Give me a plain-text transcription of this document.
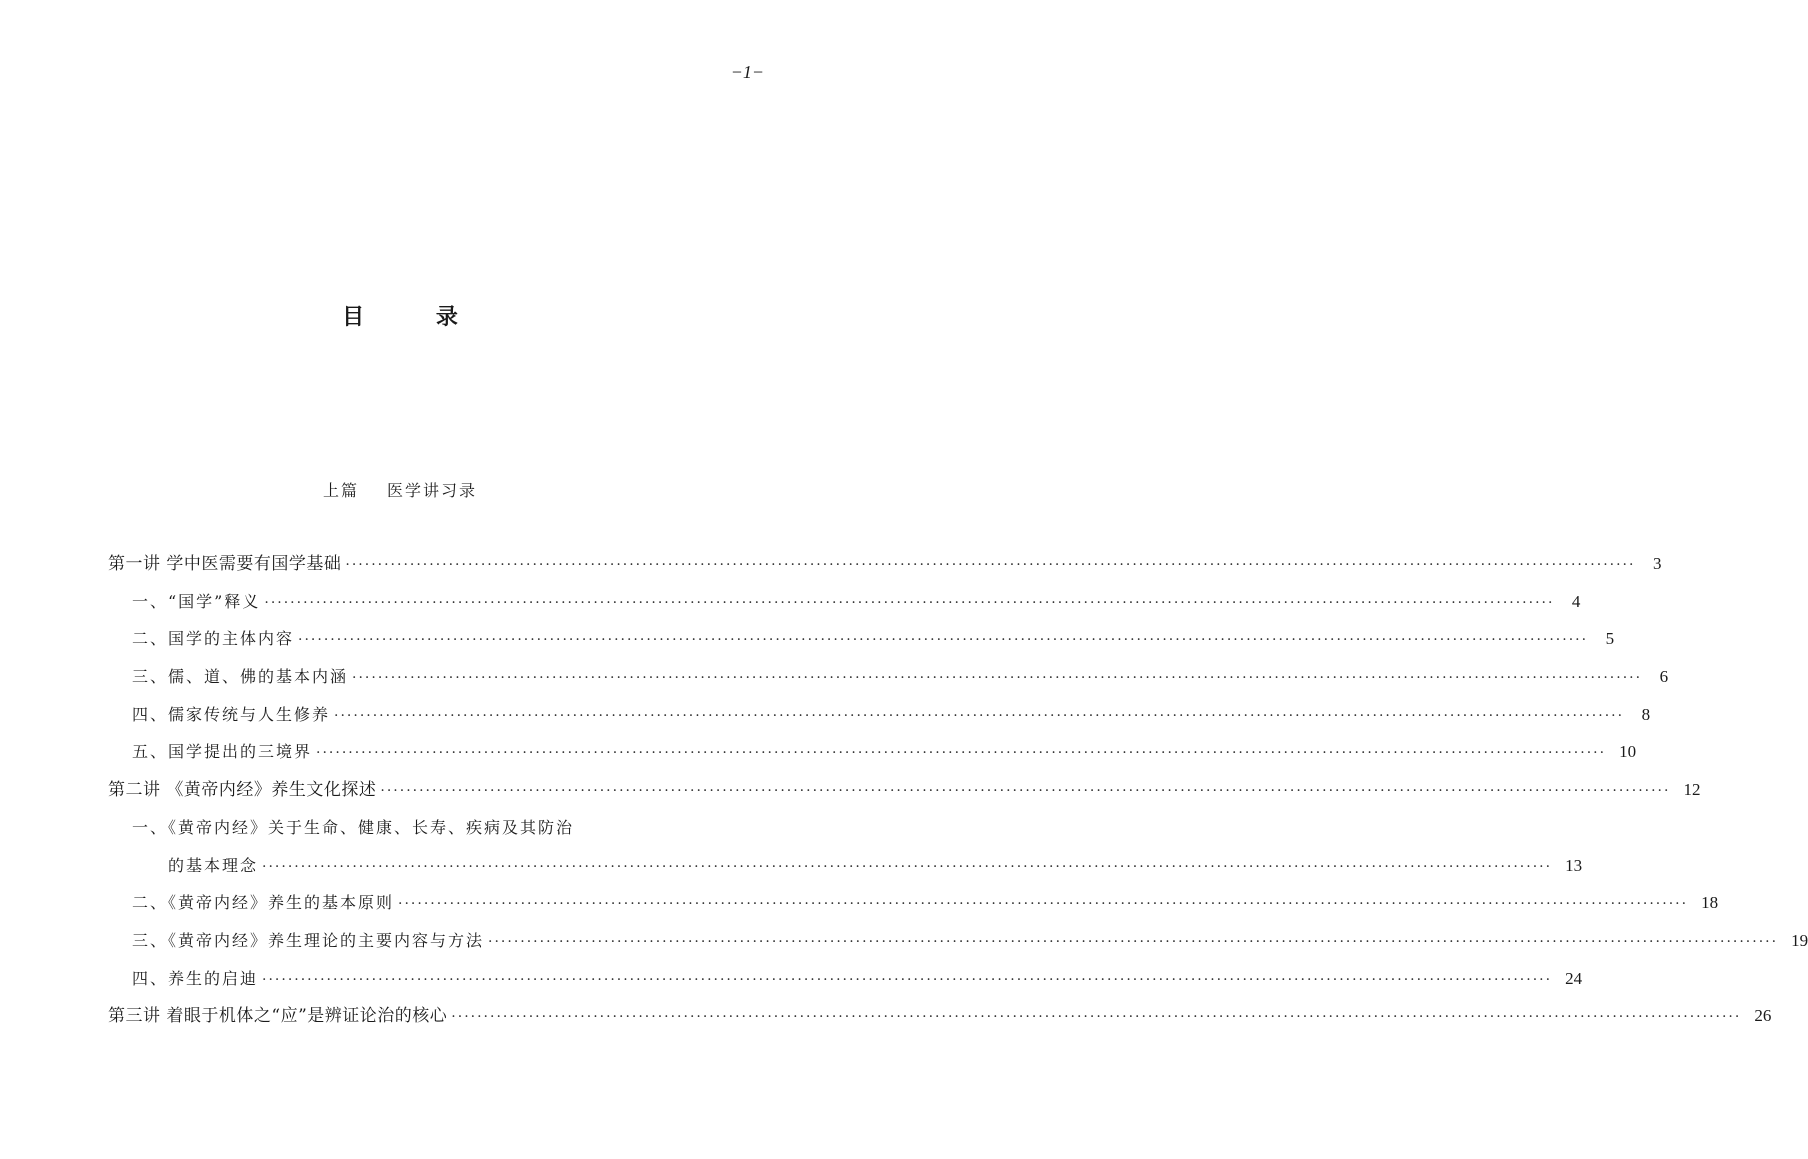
−1−
目 录
上篇 医学讲习录
第一讲 学中医需要有国学基础 ········································································································································································································	3
一、“国学”释义 ········································································································································································································	4
二、国学的主体内容 ········································································································································································································	5
三、儒、道、佛的基本内涵 ········································································································································································································	6
四、儒家传统与人生修养 ········································································································································································································	8
五、国学提出的三境界 ········································································································································································································ 10
第二讲 《黄帝内经》养生文化探述 ········································································································································································································ 12
一、《黄帝内经》关于生命、健康、长寿、疾病及其防治
的基本理念 ········································································································································································································ 13
二、《黄帝内经》养生的基本原则 ········································································································································································································ 18
三、《黄帝内经》养生理论的主要内容与方法 ········································································································································································································ 19
四、养生的启迪 ········································································································································································································ 24
第三讲 着眼于机体之“应”是辨证论治的核心 ········································································································································································································ 26
